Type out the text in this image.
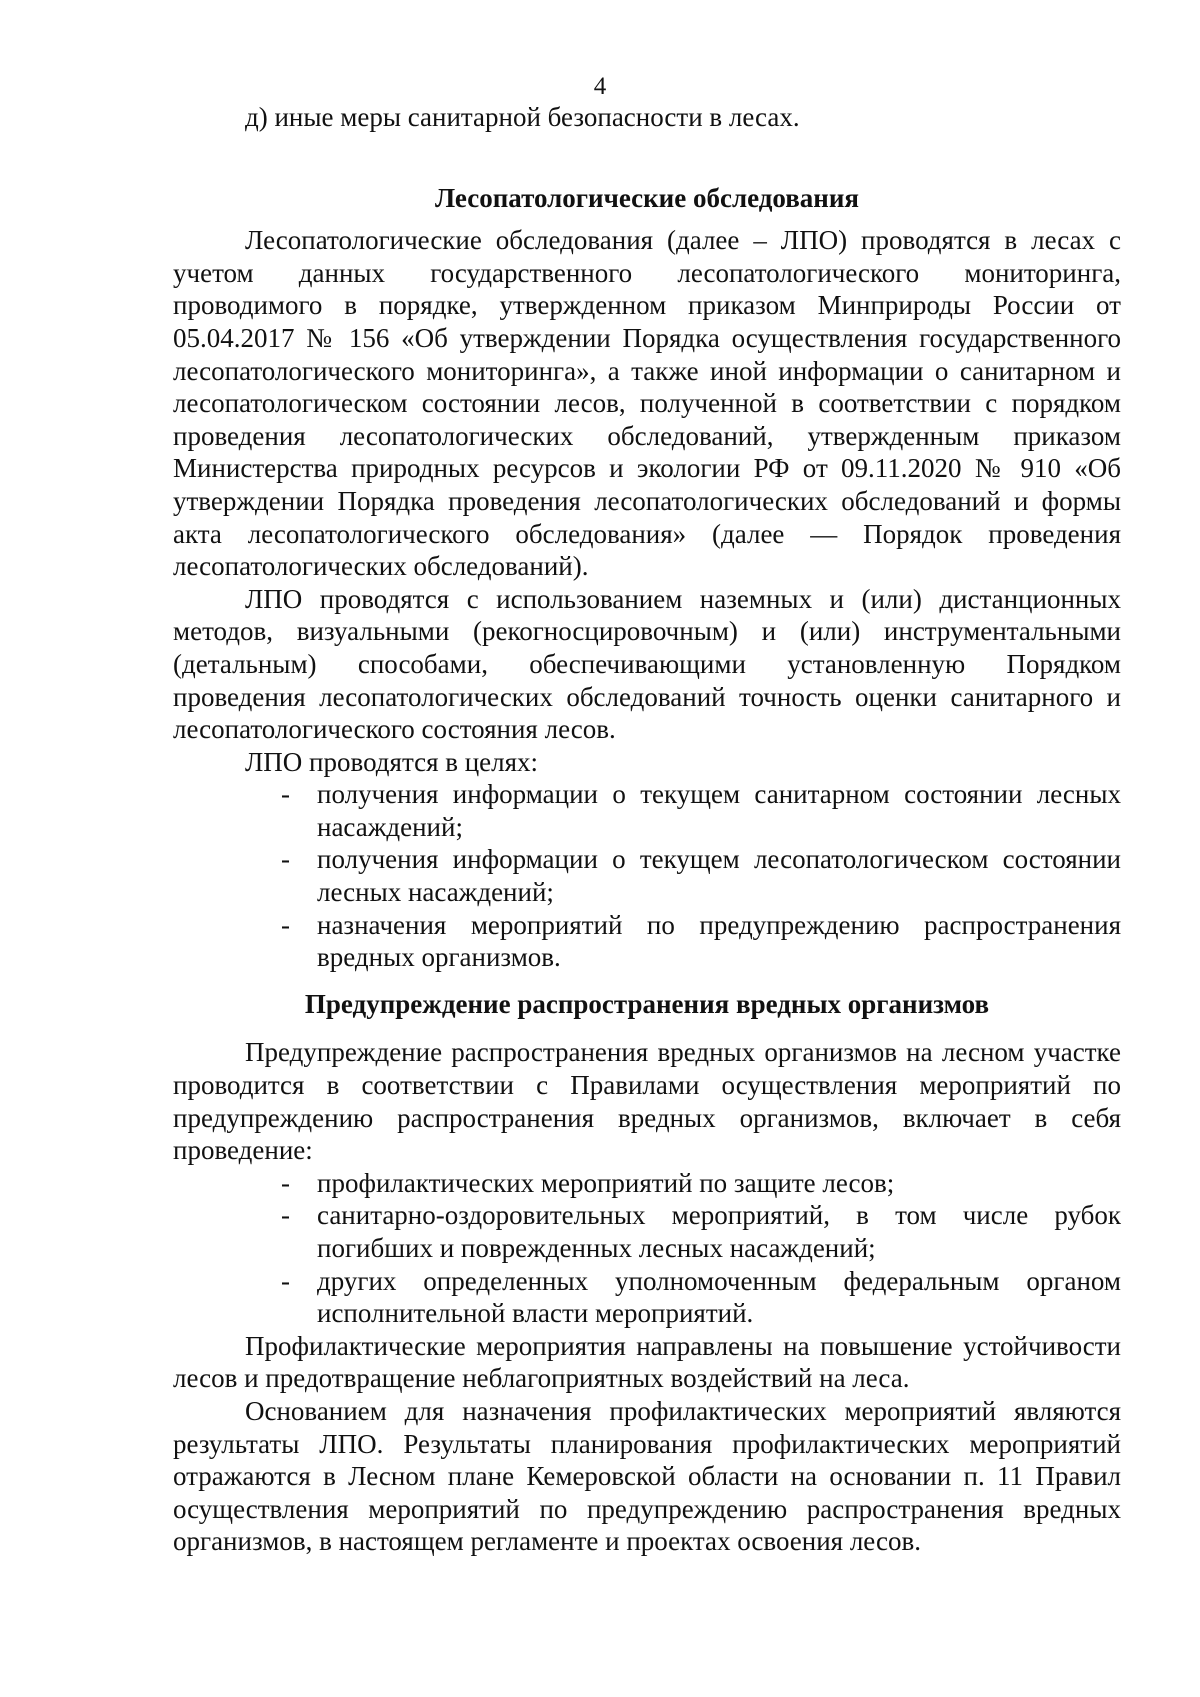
4

д) иные меры санитарной безопасности в лесах.

Лесопатологические обследования

Лесопатологические обследования (далее – ЛПО) проводятся в лесах с учетом данных государственного лесопатологического мониторинга, проводимого в порядке, утвержденном приказом Минприроды России от 05.04.2017 № 156 «Об утверждении Порядка осуществления государственного лесопатологического мониторинга», а также иной информации о санитарном и лесопатологическом состоянии лесов, полученной в соответствии с порядком проведения лесопатологических обследований, утвержденным приказом Министерства природных ресурсов и экологии РФ от 09.11.2020 № 910 «Об утверждении Порядка проведения лесопатологических обследований и формы акта лесопатологического обследования» (далее — Порядок проведения лесопатологических обследований).

ЛПО проводятся с использованием наземных и (или) дистанционных методов, визуальными (рекогносцировочным) и (или) инструментальными (детальным) способами, обеспечивающими установленную Порядком проведения лесопатологических обследований точность оценки санитарного и лесопатологического состояния лесов.

ЛПО проводятся в целях:

- получения информации о текущем санитарном состоянии лесных насаждений;
- получения информации о текущем лесопатологическом состоянии лесных насаждений;
- назначения мероприятий по предупреждению распространения вредных организмов.
Предупреждение распространения вредных организмов

Предупреждение распространения вредных организмов на лесном участке проводится в соответствии с Правилами осуществления мероприятий по предупреждению распространения вредных организмов, включает в себя проведение:

- профилактических мероприятий по защите лесов;
- санитарно-оздоровительных мероприятий, в том числе рубок погибших и поврежденных лесных насаждений;
- других определенных уполномоченным федеральным органом исполнительной власти мероприятий.

Профилактические мероприятия направлены на повышение устойчивости лесов и предотвращение неблагоприятных воздействий на леса.

Основанием для назначения профилактических мероприятий являются результаты ЛПО. Результаты планирования профилактических мероприятий отражаются в Лесном плане Кемеровской области на основании п. 11 Правил осуществления мероприятий по предупреждению распространения вредных организмов, в настоящем регламенте и проектах освоения лесов.
